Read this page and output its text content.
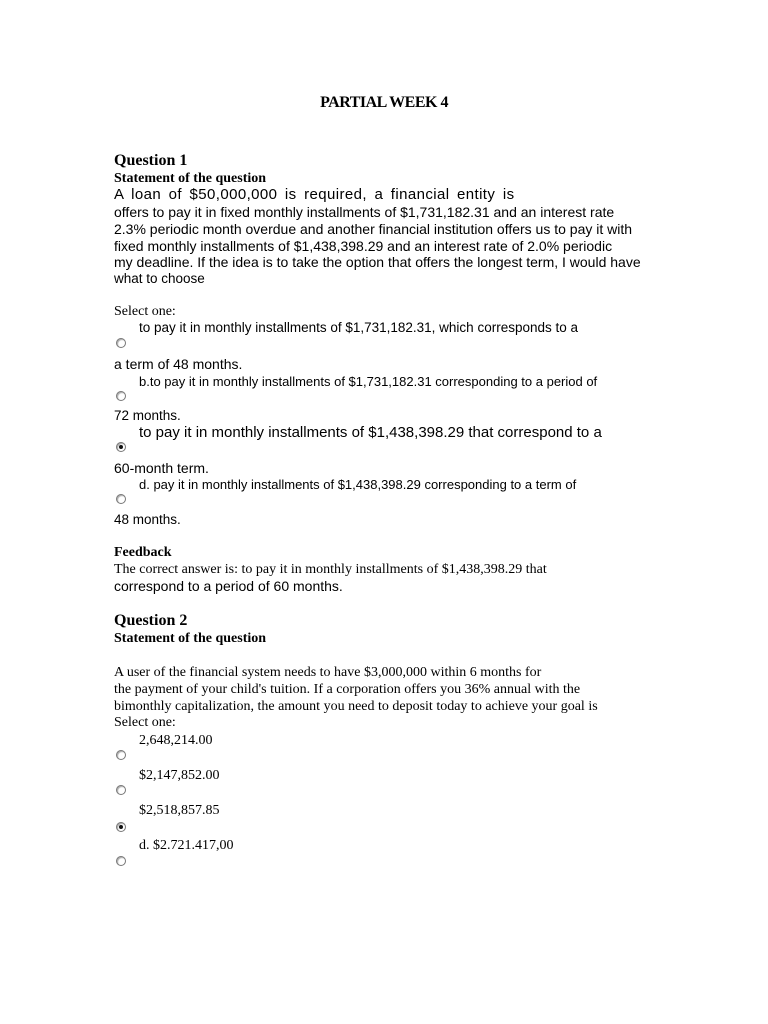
PARTIAL WEEK 4
Question 1
Statement of the question
A loan of $50,000,000 is required, a financial entity is
offers to pay it in fixed monthly installments of $1,731,182.31 and an interest rate
2.3% periodic month overdue and another financial institution offers us to pay it with
fixed monthly installments of $1,438,398.29 and an interest rate of 2.0% periodic
my deadline. If the idea is to take the option that offers the longest term, I would have
what to choose
Select one:
to pay it in monthly installments of $1,731,182.31, which corresponds to a
a term of 48 months.
b.to pay it in monthly installments of $1,731,182.31 corresponding to a period of
72 months.
to pay it in monthly installments of $1,438,398.29 that correspond to a
60-month term.
d. pay it in monthly installments of $1,438,398.29 corresponding to a term of
48 months.
Feedback
The correct answer is: to pay it in monthly installments of $1,438,398.29 that
correspond to a period of 60 months.
Question 2
Statement of the question
A user of the financial system needs to have $3,000,000 within 6 months for
the payment of your child's tuition. If a corporation offers you 36% annual with the
bimonthly capitalization, the amount you need to deposit today to achieve your goal is
Select one:
2,648,214.00
$2,147,852.00
$2,518,857.85
d. $2.721.417,00
